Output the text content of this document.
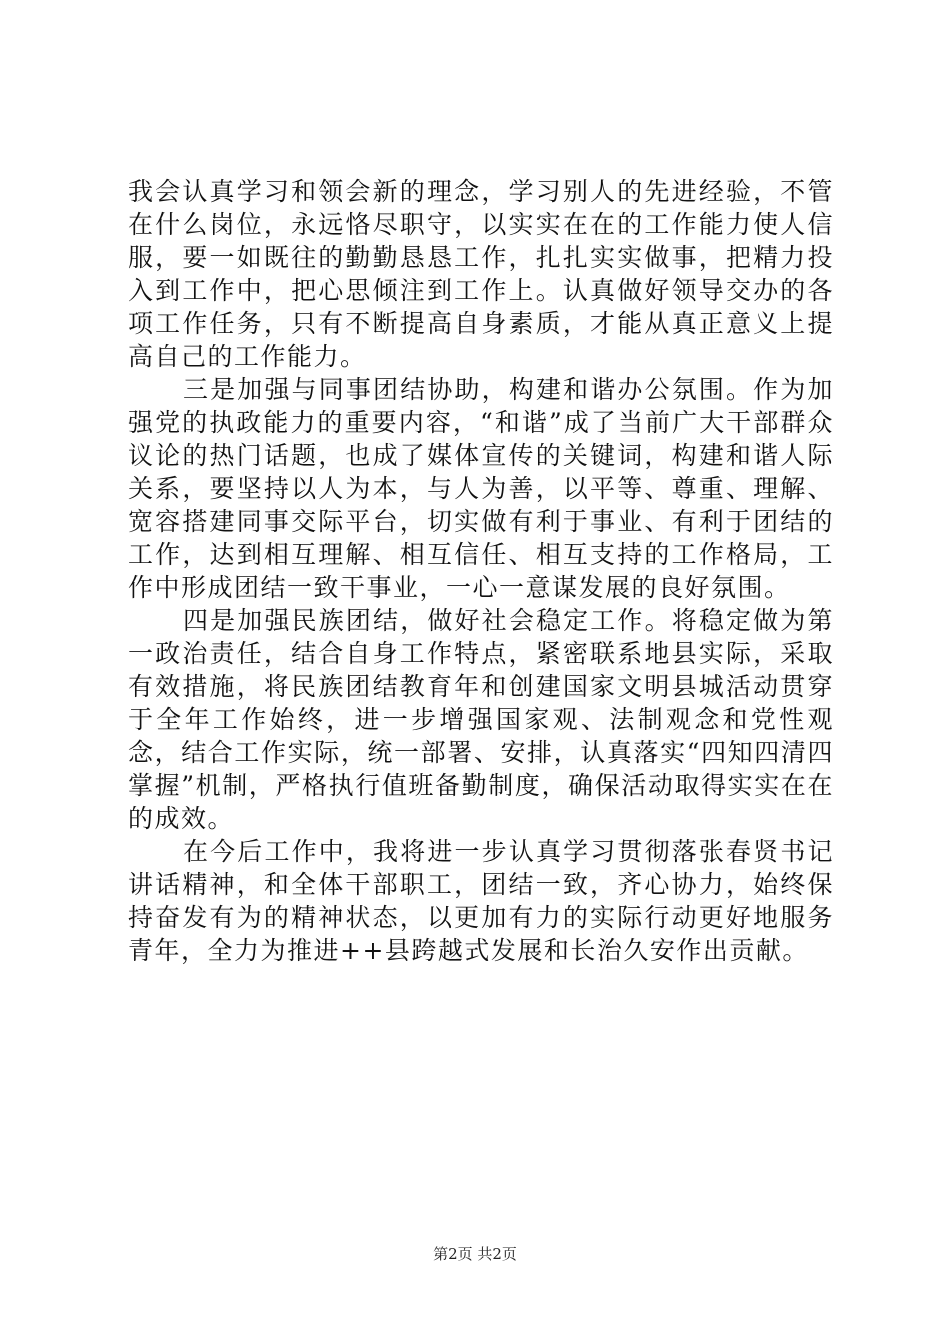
我会认真学习和领会新的理念，学习别人的先进经验，不管在什么岗位，永远恪尽职守，以实实在在的工作能力使人信服，要一如既往的勤勤恳恳工作，扎扎实实做事，把精力投入到工作中，把心思倾注到工作上。认真做好领导交办的各项工作任务，只有不断提高自身素质，才能从真正意义上提高自己的工作能力。

三是加强与同事团结协助，构建和谐办公氛围。作为加强党的执政能力的重要内容，“和谐”成了当前广大干部群众议论的热门话题，也成了媒体宣传的关键词，构建和谐人际关系，要坚持以人为本，与人为善，以平等、尊重、理解、宽容搭建同事交际平台，切实做有利于事业、有利于团结的工作，达到相互理解、相互信任、相互支持的工作格局，工作中形成团结一致干事业，一心一意谋发展的良好氛围。

四是加强民族团结，做好社会稳定工作。将稳定做为第一政治责任，结合自身工作特点，紧密联系地县实际，采取有效措施，将民族团结教育年和创建国家文明县城活动贯穿于全年工作始终，进一步增强国家观、法制观念和党性观念，结合工作实际，统一部署、安排，认真落实“四知四清四掌握”机制，严格执行值班备勤制度，确保活动取得实实在在的成效。

在今后工作中，我将进一步认真学习贯彻落张春贤书记讲话精神，和全体干部职工，团结一致，齐心协力，始终保持奋发有为的精神状态，以更加有力的实际行动更好地服务青年，全力为推进++县跨越式发展和长治久安作出贡献。

第2页 共2页
